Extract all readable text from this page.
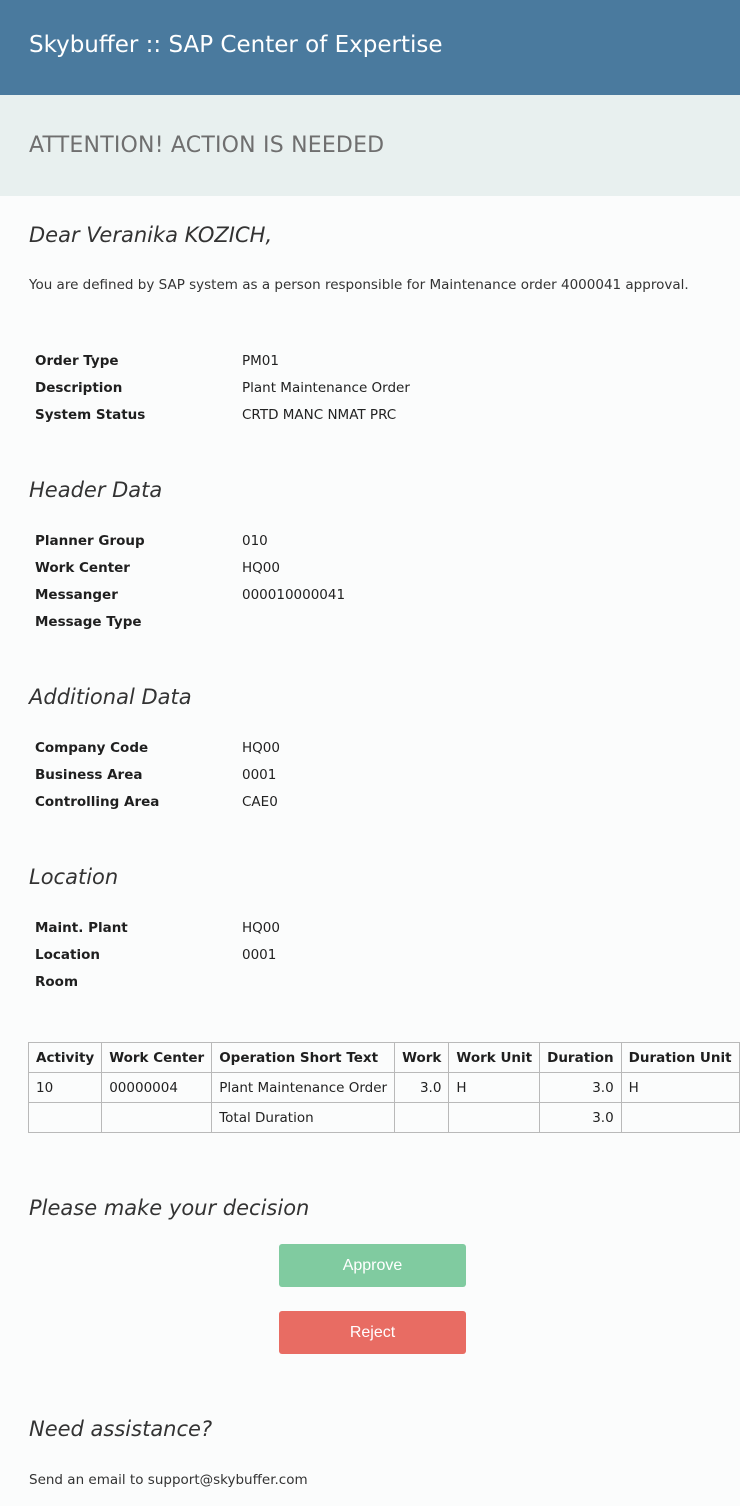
Skybuffer :: SAP Center of Expertise
ATTENTION! ACTION IS NEEDED
Dear Veranika KOZICH,
You are defined by SAP system as a person responsible for Maintenance order 4000041 approval.
Order Type	PM01
Description	Plant Maintenance Order
System Status	CRTD MANC NMAT PRC
Header Data
Planner Group	010
Work Center	HQ00
Messanger	000010000041
Message Type
Additional Data
Company Code	HQ00
Business Area	0001
Controlling Area	CAE0
Location
Maint. Plant	HQ00
Location	0001
Room
Activity	Work Center	Operation Short Text	Work	Work Unit	Duration	Duration Unit
10	00000004	Plant Maintenance Order	3.0	H	3.0	H
		Total Duration			3.0	
Please make your decision
Approve
Reject
Need assistance?
Send an email to support@skybuffer.com
